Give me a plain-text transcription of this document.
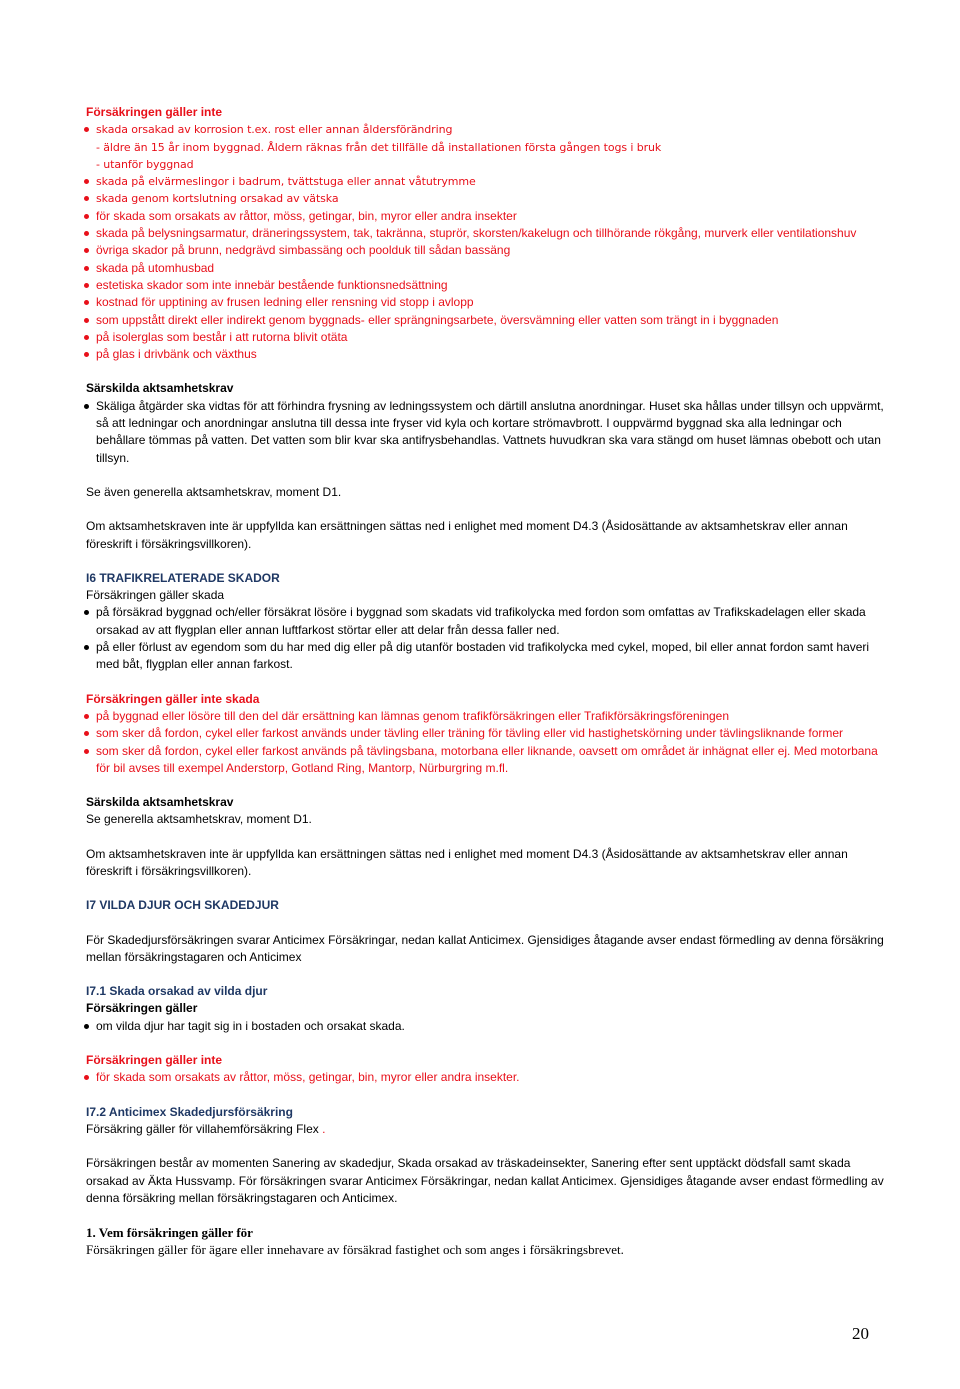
Försäkringen gäller inte

skada orsakad av korrosion t.ex. rost eller annan åldersförändring
- äldre än 15 år inom byggnad. Åldern räknas från det tillfälle då installationen första gången togs i bruk
- utanför byggnad
skada på elvärmeslingor i badrum, tvättstuga eller annat våtutrymme
skada genom kortslutning orsakad av vätska
för skada som orsakats av råttor, möss, getingar, bin, myror eller andra insekter
skada på belysningsarmatur, dräneringssystem, tak, takränna, stuprör, skorsten/kakelugn och tillhörande rökgång, murverk eller ventilationshuv
övriga skador på brunn, nedgrävd simbassäng och poolduk till sådan bassäng
skada på utomhusbad
estetiska skador som inte innebär bestående funktionsnedsättning
kostnad för upptining av frusen ledning eller rensning vid stopp i avlopp
som uppstått direkt eller indirekt genom byggnads- eller sprängningsarbete, översvämning eller vatten som trängt in i byggnaden
på isolerglas som består i att rutorna blivit otäta
på glas i drivbänk och växthus

Särskilda aktsamhetskrav

Skäliga åtgärder ska vidtas för att förhindra frysning av ledningssystem och därtill anslutna anordningar. Huset ska hållas under tillsyn och uppvärmt, så att ledningar och anordningar anslutna till dessa inte fryser vid kyla och kortare strömavbrott. I ouppvärmd byggnad ska alla ledningar och behållare tömmas på vatten. Det vatten som blir kvar ska antifrysbehandlas. Vattnets huvudkran ska vara stängd om huset lämnas obebott och utan tillsyn.

Se även generella aktsamhetskrav, moment D1.

Om aktsamhetskraven inte är uppfyllda kan ersättningen sättas ned i enlighet med moment D4.3 (Åsidosättande av aktsamhetskrav eller annan föreskrift i försäkringsvillkoren).

I6 TRAFIKRELATERADE SKADOR

Försäkringen gäller skada

på försäkrad byggnad och/eller försäkrat lösöre i byggnad som skadats vid trafikolycka med fordon som omfattas av Trafikskadelagen eller skada orsakad av att flygplan eller annan luftfarkost störtar eller att delar från dessa faller ned.
på eller förlust av egendom som du har med dig eller på dig utanför bostaden vid trafikolycka med cykel, moped, bil eller annat fordon samt haveri med båt, flygplan eller annan farkost.

Försäkringen gäller inte skada

på byggnad eller lösöre till den del där ersättning kan lämnas genom trafikförsäkringen eller Trafikförsäkringsföreningen
som sker då fordon, cykel eller farkost används under tävling eller träning för tävling eller vid hastighetskörning under tävlingsliknande former
som sker då fordon, cykel eller farkost används på tävlingsbana, motorbana eller liknande, oavsett om området är inhägnat eller ej. Med motorbana för bil avses till exempel Anderstorp, Gotland Ring, Mantorp, Nürburgring m.fl.

Särskilda aktsamhetskrav

Se generella aktsamhetskrav, moment D1.

Om aktsamhetskraven inte är uppfyllda kan ersättningen sättas ned i enlighet med moment D4.3 (Åsidosättande av aktsamhetskrav eller annan föreskrift i försäkringsvillkoren).

I7 VILDA DJUR OCH SKADEDJUR

För Skadedjursförsäkringen svarar Anticimex Försäkringar, nedan kallat Anticimex. Gjensidiges åtagande avser endast förmedling av denna försäkring mellan försäkringstagaren och Anticimex

I7.1 Skada orsakad av vilda djur

Försäkringen gäller

om vilda djur har tagit sig in i bostaden och orsakat skada.

Försäkringen gäller inte

för skada som orsakats av råttor, möss, getingar, bin, myror eller andra insekter.

I7.2 Anticimex Skadedjursförsäkring

Försäkring gäller för villahemförsäkring Flex .

Försäkringen består av momenten Sanering av skadedjur, Skada orsakad av träskadeinsekter, Sanering efter sent upptäckt dödsfall samt skada orsakad av Äkta Hussvamp. För försäkringen svarar Anticimex Försäkringar, nedan kallat Anticimex. Gjensidiges åtagande avser endast förmedling av denna försäkring mellan försäkringstagaren och Anticimex.

1. Vem försäkringen gäller för

Försäkringen gäller för ägare eller innehavare av försäkrad fastighet och som anges i försäkringsbrevet.

20
